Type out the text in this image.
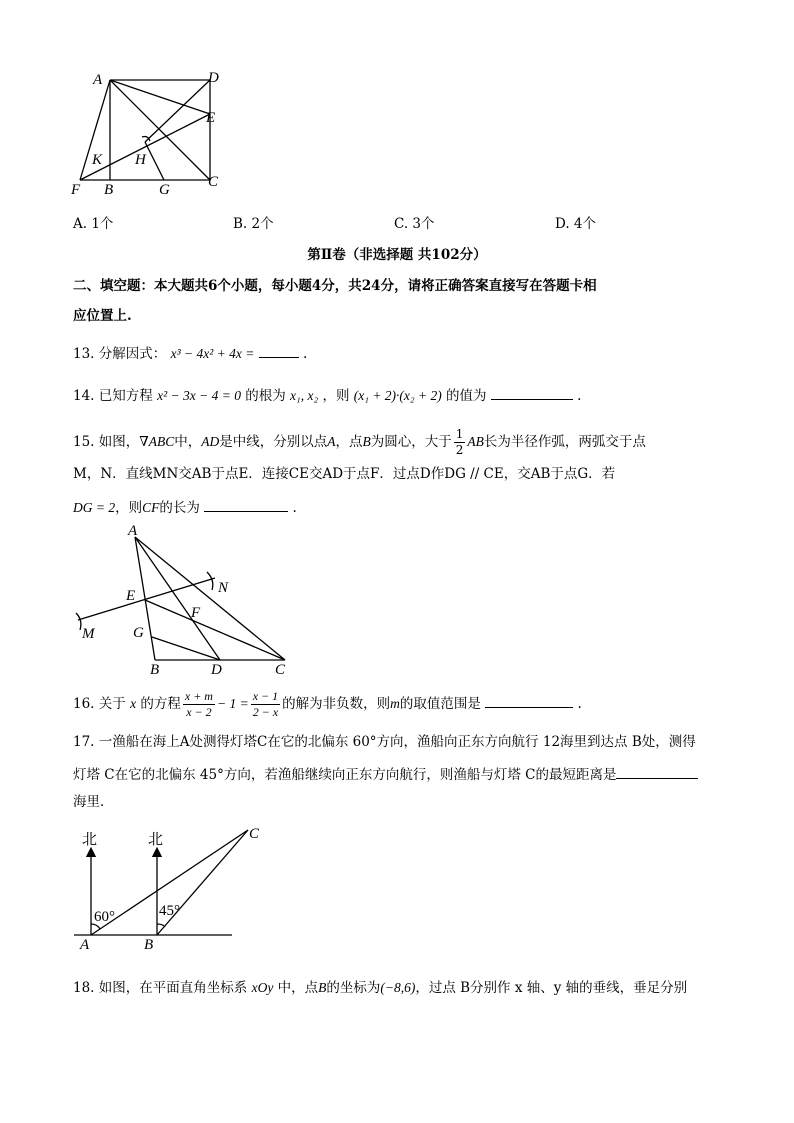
A	D
E
K H
F B	G	C
A. 1个	B. 2个	C. 3个	D. 4个
第Ⅱ卷（非选择题 共102分）
二、填空题：本大题共6个小题，每小题4分，共24分，请将正确答案直接写在答题卡相
应位置上.
13. 分解因式： x³ − 4x² + 4x =	.
14. 已知方程 x² − 3x − 4 = 0 的根为 x₁, x₂ ，则 (x₁ + 2)·(x₂ + 2) 的值为	.
15. 如图，∇ABC中，AD是中线，分别以点A，点B为圆心，大于 $\frac{1}{2}$ AB长为半径作弧，两弧交于点
M，N．直线MN交AB于点E．连接CE交AD于点F．过点D作DG // CE，交AB于点G．若
DG = 2，则CF的长为	.
A
N
E
F
M	G
B	D	C
16. 关于 x 的方程 $\frac{x + m}{x - 2} - 1 = \frac{x - 1}{2 - x}$ 的解为非负数，则m的取值范围是	.
17. 一渔船在海上A处测得灯塔C在它的北偏东 60°方向，渔船向正东方向航行 12海里到达点 B处，测得
灯塔 C在它的北偏东 45°方向，若渔船继续向正东方向航行，则渔船与灯塔 C的最短距离是
海里．
北	北	C
60°	45°
A	B
18. 如图，在平面直角坐标系 xOy 中，点B的坐标为(−8,6)，过点 B分别作 x 轴、y 轴的垂线，垂足分别
